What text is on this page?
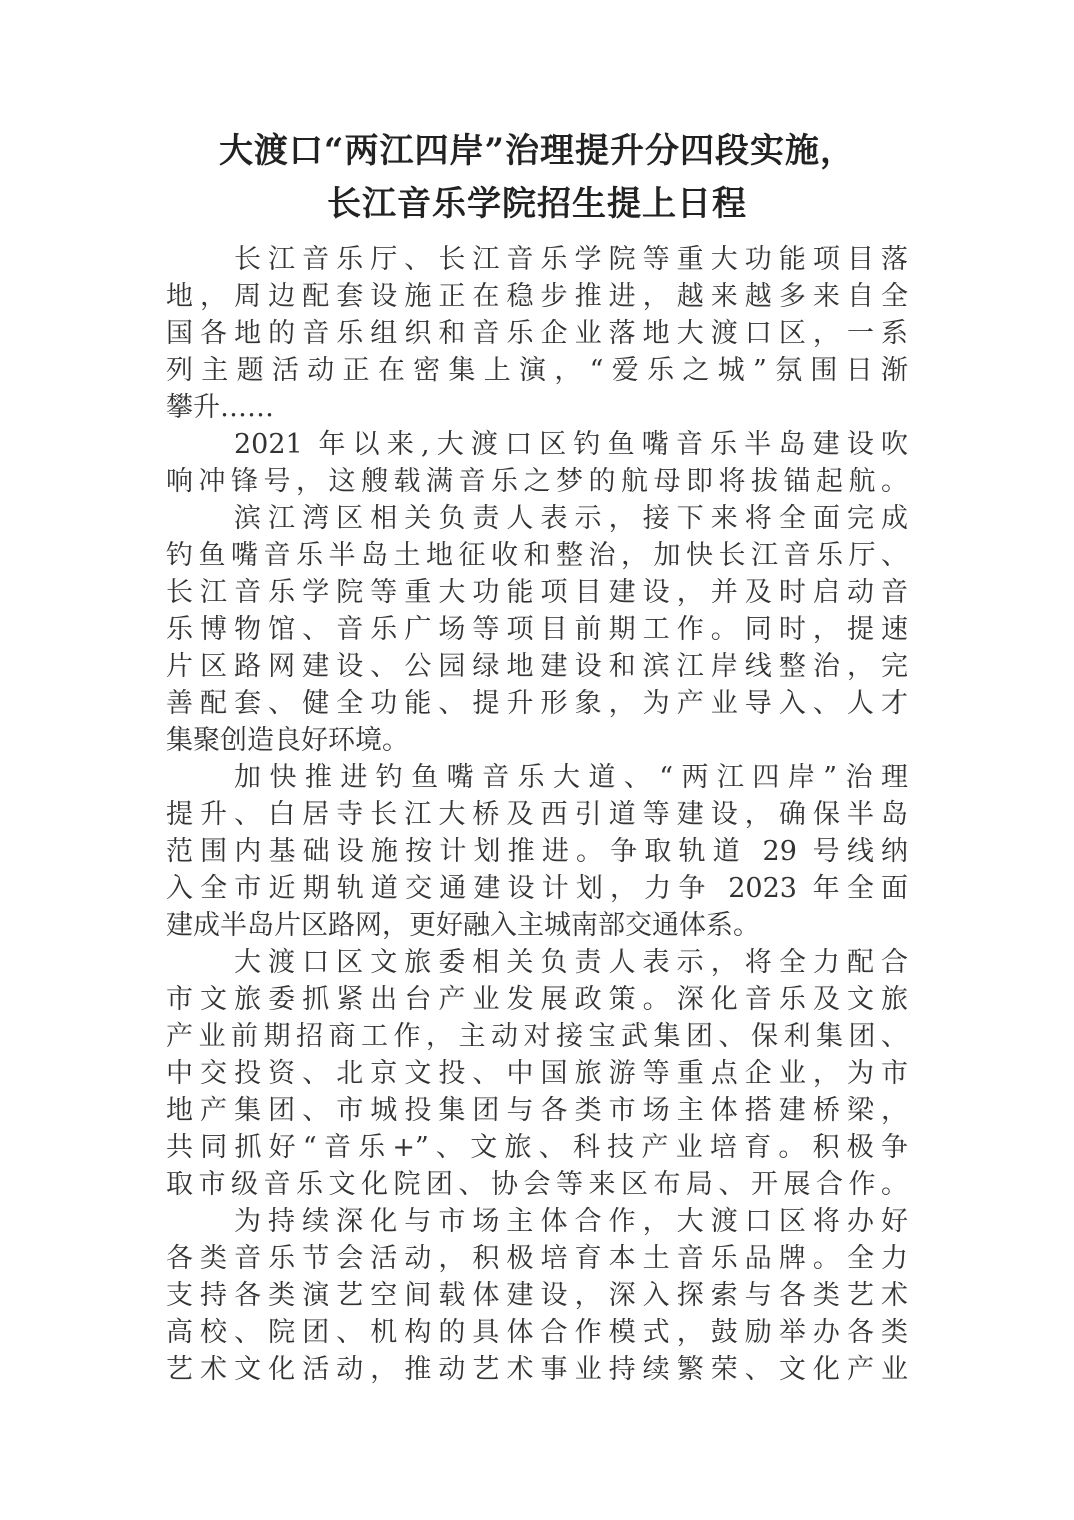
大渡口“两江四岸”治理提升分四段实施，
长江音乐学院招生提上日程
长江音乐厅、长江音乐学院等重大功能项目落
地，周边配套设施正在稳步推进，越来越多来自全
国各地的音乐组织和音乐企业落地大渡口区，一系
列主题活动正在密集上演，“爱乐之城”氛围日渐
攀升……
2021 年以来,大渡口区钓鱼嘴音乐半岛建设吹
响冲锋号，这艘载满音乐之梦的航母即将拔锚起航。
滨江湾区相关负责人表示，接下来将全面完成
钓鱼嘴音乐半岛土地征收和整治，加快长江音乐厅、
长江音乐学院等重大功能项目建设，并及时启动音
乐博物馆、音乐广场等项目前期工作。同时，提速
片区路网建设、公园绿地建设和滨江岸线整治，完
善配套、健全功能、提升形象，为产业导入、人才
集聚创造良好环境。
加快推进钓鱼嘴音乐大道、“两江四岸”治理
提升、白居寺长江大桥及西引道等建设，确保半岛
范围内基础设施按计划推进。争取轨道 29 号线纳
入全市近期轨道交通建设计划，力争 2023 年全面
建成半岛片区路网，更好融入主城南部交通体系。
大渡口区文旅委相关负责人表示，将全力配合
市文旅委抓紧出台产业发展政策。深化音乐及文旅
产业前期招商工作，主动对接宝武集团、保利集团、
中交投资、北京文投、中国旅游等重点企业，为市
地产集团、市城投集团与各类市场主体搭建桥梁，
共同抓好“音乐+”、文旅、科技产业培育。积极争
取市级音乐文化院团、协会等来区布局、开展合作。
为持续深化与市场主体合作，大渡口区将办好
各类音乐节会活动，积极培育本土音乐品牌。全力
支持各类演艺空间载体建设，深入探索与各类艺术
高校、院团、机构的具体合作模式，鼓励举办各类
艺术文化活动，推动艺术事业持续繁荣、文化产业
